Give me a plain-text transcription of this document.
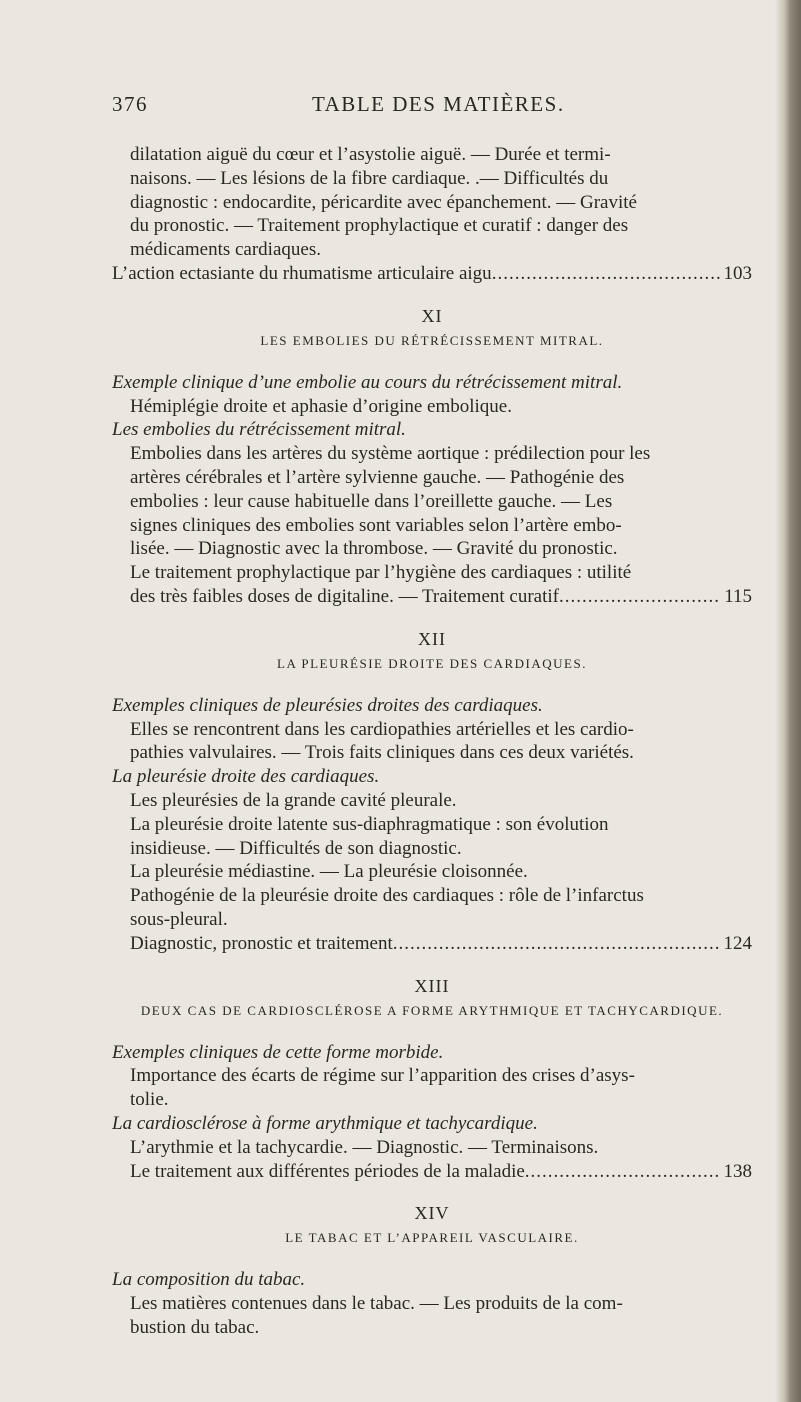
376	TABLE DES MATIÈRES.
dilatation aiguë du cœur et l’asystolie aiguë. — Durée et termi-
naisons. — Les lésions de la fibre cardiaque. .— Difficultés du
diagnostic : endocardite, péricardite avec épanchement. — Gravité
du pronostic. — Traitement prophylactique et curatif : danger des
médicaments cardiaques.
L’action ectasiante du rhumatisme articulaire aigu .....	103
XI
LES EMBOLIES DU RÉTRÉCISSEMENT MITRAL.
Exemple clinique d’une embolie au cours du rétrécissement mitral.
Hémiplégie droite et aphasie d’origine embolique.
Les embolies du rétrécissement mitral.
Embolies dans les artères du système aortique : prédilection pour les
artères cérébrales et l’artère sylvienne gauche. — Pathogénie des
embolies : leur cause habituelle dans l’oreillette gauche. — Les
signes cliniques des embolies sont variables selon l’artère embo-
lisée. — Diagnostic avec la thrombose. — Gravité du pronostic.
Le traitement prophylactique par l’hygiène des cardiaques : utilité
des très faibles doses de digitaline. — Traitement curatif .....	115
XII
LA PLEURÉSIE DROITE DES CARDIAQUES.
Exemples cliniques de pleurésies droites des cardiaques.
Elles se rencontrent dans les cardiopathies artérielles et les cardio-
pathies valvulaires. — Trois faits cliniques dans ces deux variétés.
La pleurésie droite des cardiaques.
Les pleurésies de la grande cavité pleurale.
La pleurésie droite latente sus-diaphragmatique : son évolution
insidieuse. — Difficultés de son diagnostic.
La pleurésie médiastine. — La pleurésie cloisonnée.
Pathogénie de la pleurésie droite des cardiaques : rôle de l’infarctus
sous-pleural.
Diagnostic, pronostic et traitement .....	124
XIII
DEUX CAS DE CARDIOSCLÉROSE A FORME ARYTHMIQUE ET TACHYCARDIQUE.
Exemples cliniques de cette forme morbide.
Importance des écarts de régime sur l’apparition des crises d’asys-
tolie.
La cardiosclérose à forme arythmique et tachycardique.
L’arythmie et la tachycardie. — Diagnostic. — Terminaisons.
Le traitement aux différentes périodes de la maladie .....	138
XIV
LE TABAC ET L’APPAREIL VASCULAIRE.
La composition du tabac.
Les matières contenues dans le tabac. — Les produits de la com-
bustion du tabac.
